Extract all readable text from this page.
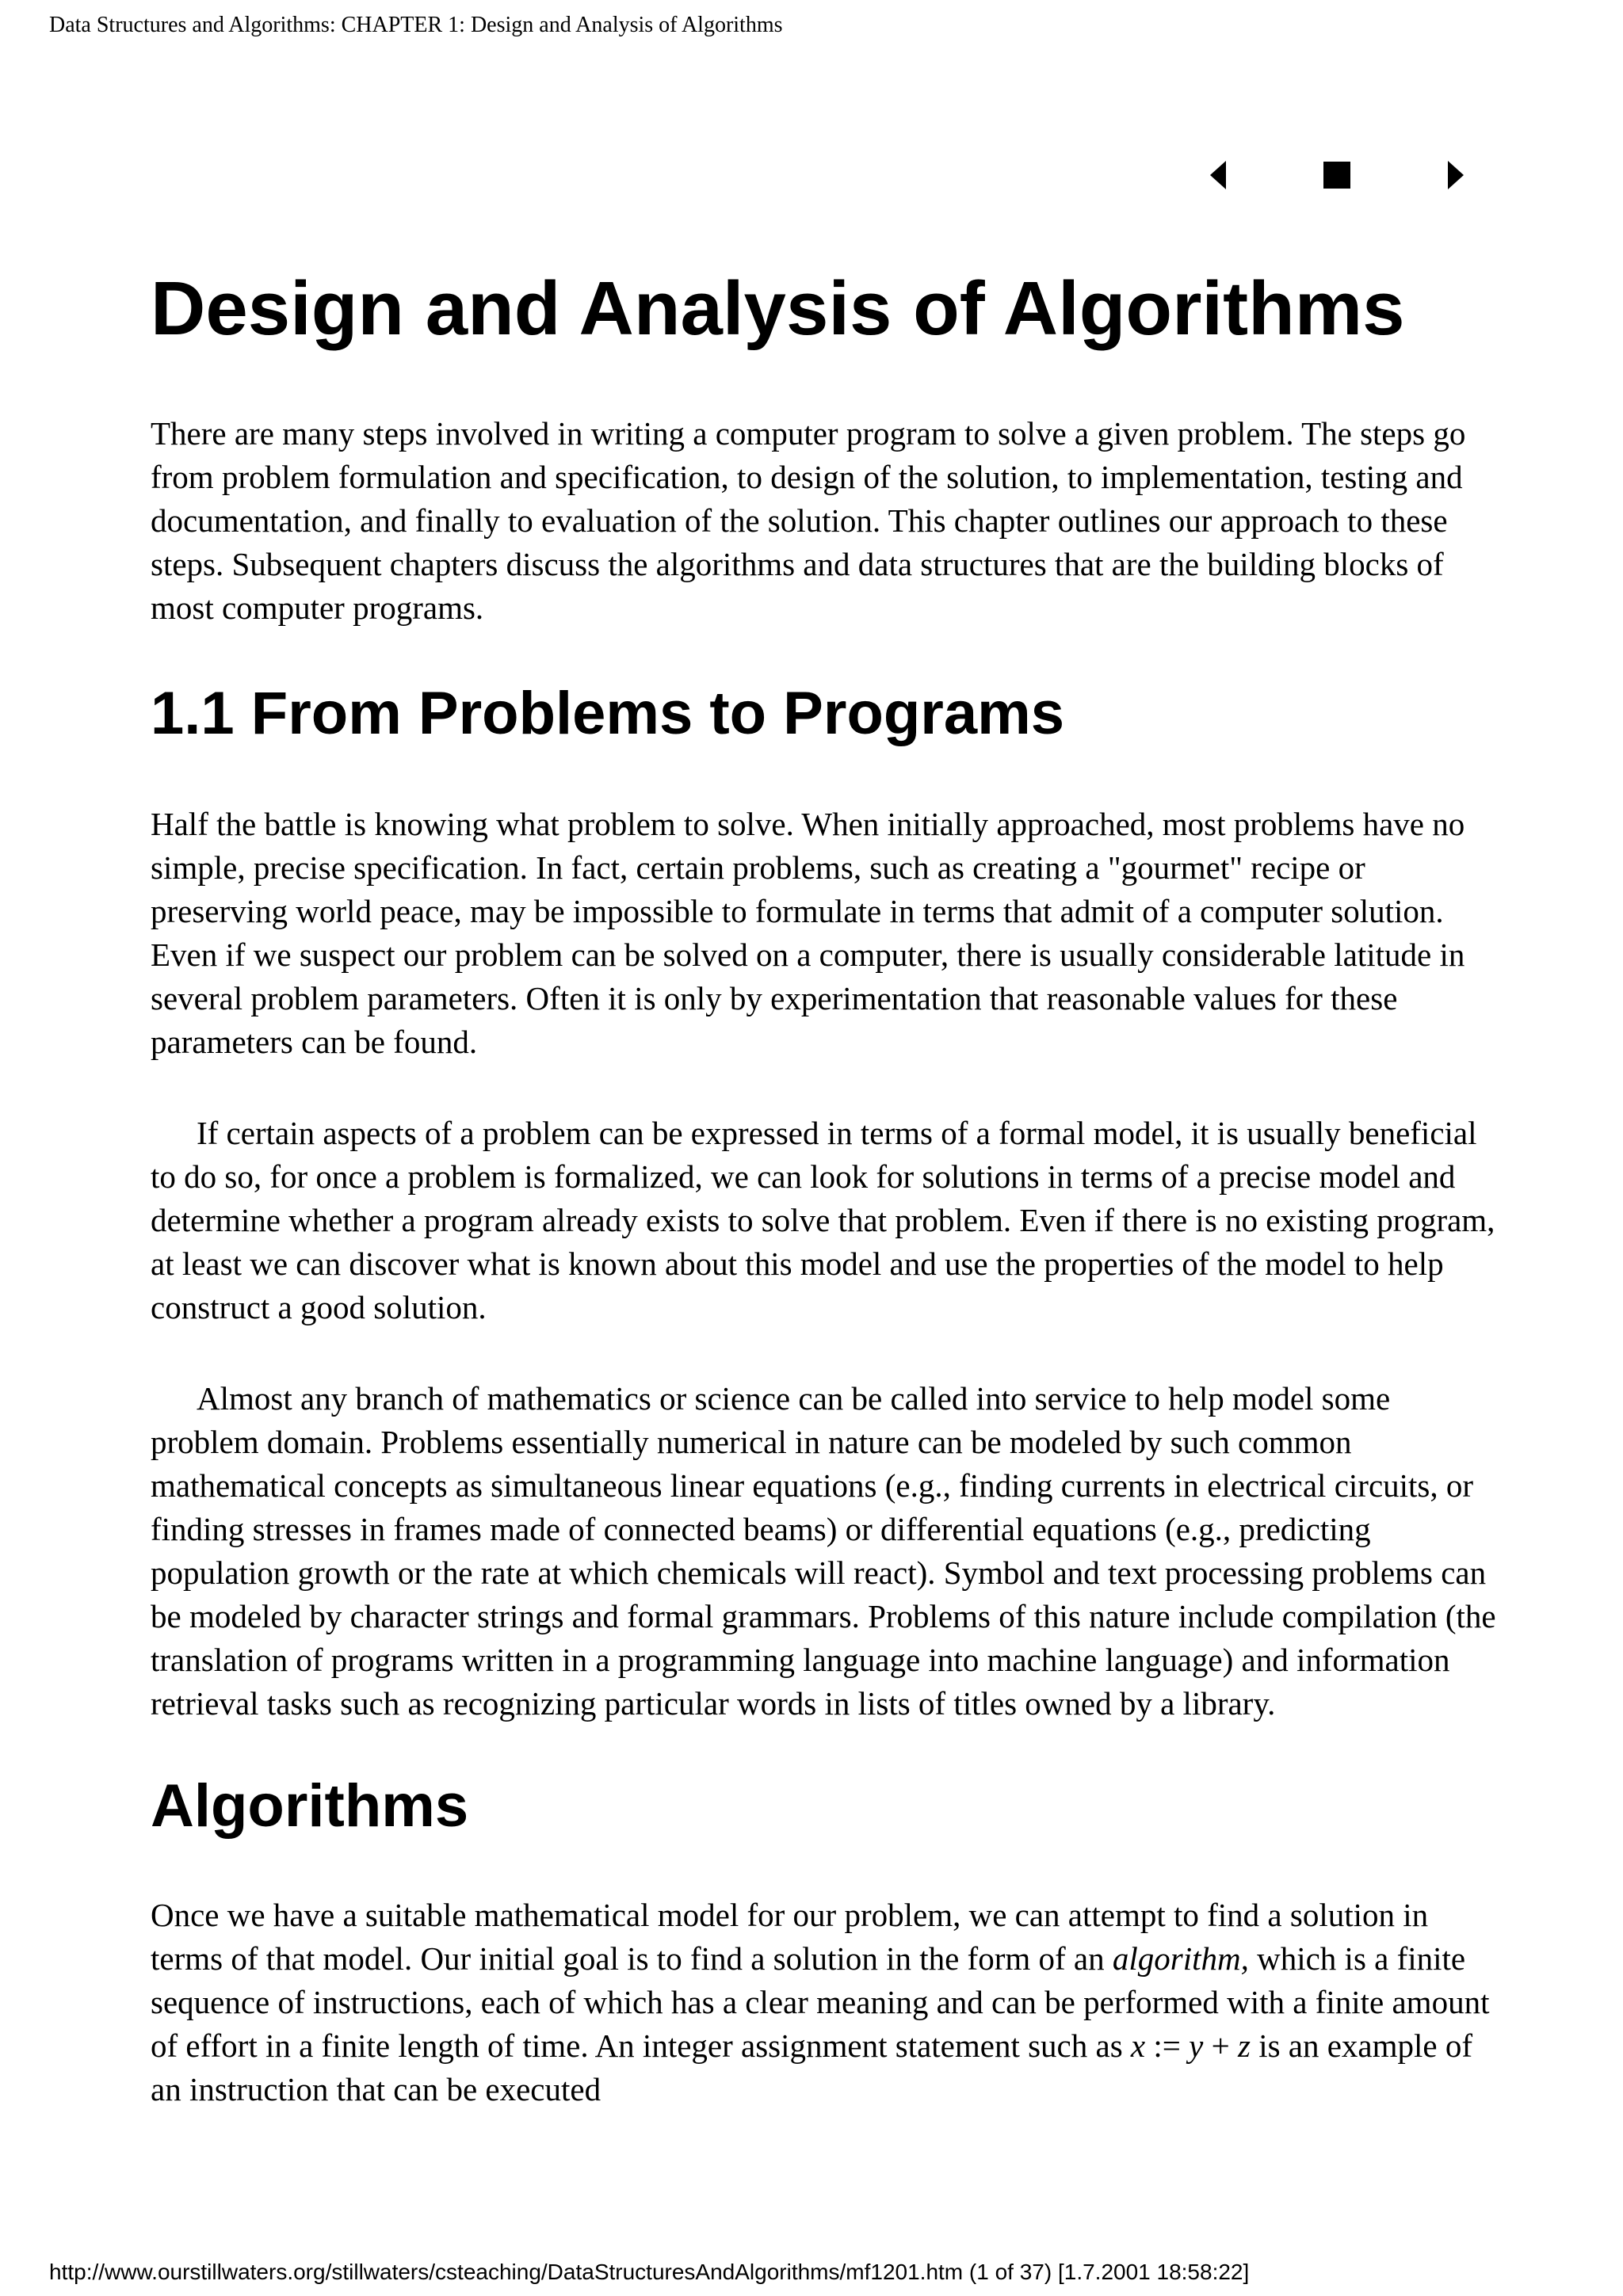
Data Structures and Algorithms: CHAPTER 1: Design and Analysis of Algorithms
Design and Analysis of Algorithms

There are many steps involved in writing a computer program to solve a given problem. The steps go from problem formulation and specification, to design of the solution, to implementation, testing and documentation, and finally to evaluation of the solution. This chapter outlines our approach to these steps. Subsequent chapters discuss the algorithms and data structures that are the building blocks of most computer programs.

1.1 From Problems to Programs

Half the battle is knowing what problem to solve. When initially approached, most problems have no simple, precise specification. In fact, certain problems, such as creating a "gourmet" recipe or preserving world peace, may be impossible to formulate in terms that admit of a computer solution. Even if we suspect our problem can be solved on a computer, there is usually considerable latitude in several problem parameters. Often it is only by experimentation that reasonable values for these parameters can be found.

If certain aspects of a problem can be expressed in terms of a formal model, it is usually beneficial to do so, for once a problem is formalized, we can look for solutions in terms of a precise model and determine whether a program already exists to solve that problem. Even if there is no existing program, at least we can discover what is known about this model and use the properties of the model to help construct a good solution.

Almost any branch of mathematics or science can be called into service to help model some problem domain. Problems essentially numerical in nature can be modeled by such common mathematical concepts as simultaneous linear equations (e.g., finding currents in electrical circuits, or finding stresses in frames made of connected beams) or differential equations (e.g., predicting population growth or the rate at which chemicals will react). Symbol and text processing problems can be modeled by character strings and formal grammars. Problems of this nature include compilation (the translation of programs written in a programming language into machine language) and information retrieval tasks such as recognizing particular words in lists of titles owned by a library.

Algorithms

Once we have a suitable mathematical model for our problem, we can attempt to find a solution in terms of that model. Our initial goal is to find a solution in the form of an algorithm, which is a finite sequence of instructions, each of which has a clear meaning and can be performed with a finite amount of effort in a finite length of time. An integer assignment statement such as x := y + z is an example of an instruction that can be executed

http://www.ourstillwaters.org/stillwaters/csteaching/DataStructuresAndAlgorithms/mf1201.htm (1 of 37) [1.7.2001 18:58:22]
